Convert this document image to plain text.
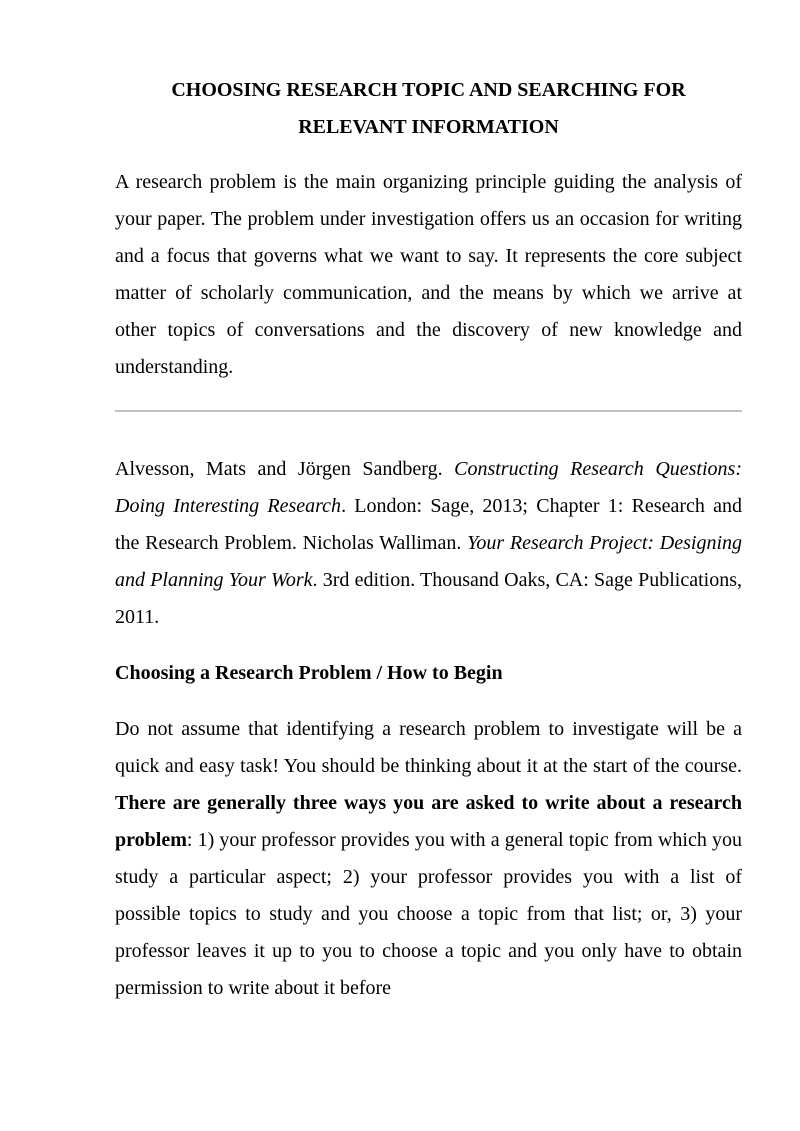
CHOOSING RESEARCH TOPIC AND SEARCHING FOR
RELEVANT INFORMATION

A research problem is the main organizing principle guiding the analysis of your paper. The problem under investigation offers us an occasion for writing and a focus that governs what we want to say. It represents the core subject matter of scholarly communication, and the means by which we arrive at other topics of conversations and the discovery of new knowledge and understanding.

Alvesson, Mats and Jörgen Sandberg. Constructing Research Questions: Doing Interesting Research. London: Sage, 2013; Chapter 1: Research and the Research Problem. Nicholas Walliman. Your Research Project: Designing and Planning Your Work. 3rd edition. Thousand Oaks, CA: Sage Publications, 2011.

Choosing a Research Problem / How to Begin

Do not assume that identifying a research problem to investigate will be a quick and easy task! You should be thinking about it at the start of the course. There are generally three ways you are asked to write about a research problem: 1) your professor provides you with a general topic from which you study a particular aspect; 2) your professor provides you with a list of possible topics to study and you choose a topic from that list; or, 3) your professor leaves it up to you to choose a topic and you only have to obtain permission to write about it before
